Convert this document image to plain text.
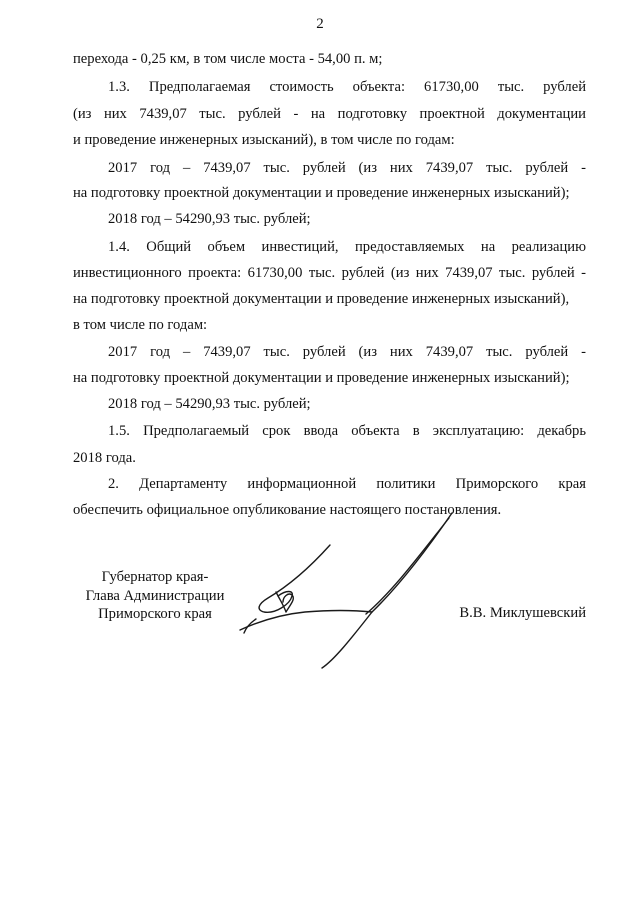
2
перехода - 0,25 км, в том числе моста - 54,00 п. м;
1.3. Предполагаемая стоимость объекта: 61730,00 тыс. рублей
(из них 7439,07 тыс. рублей - на подготовку проектной документации
и проведение инженерных изысканий), в том числе по годам:
2017 год – 7439,07 тыс. рублей (из них 7439,07 тыс. рублей -
на подготовку проектной документации и проведение инженерных изысканий);
2018 год – 54290,93 тыс. рублей;
1.4. Общий объем инвестиций, предоставляемых на реализацию
инвестиционного проекта: 61730,00 тыс. рублей (из них 7439,07 тыс. рублей -
на подготовку проектной документации и проведение инженерных изысканий),
в том числе по годам:
2017 год – 7439,07 тыс. рублей (из них 7439,07 тыс. рублей -
на подготовку проектной документации и проведение инженерных изысканий);
2018 год – 54290,93 тыс. рублей;
1.5. Предполагаемый срок ввода объекта в эксплуатацию: декабрь
2018 года.
2. Департаменту информационной политики Приморского края
обеспечить официальное опубликование настоящего постановления.
Губернатор края-
Глава Администрации
Приморского края	В.В. Миклушевский
